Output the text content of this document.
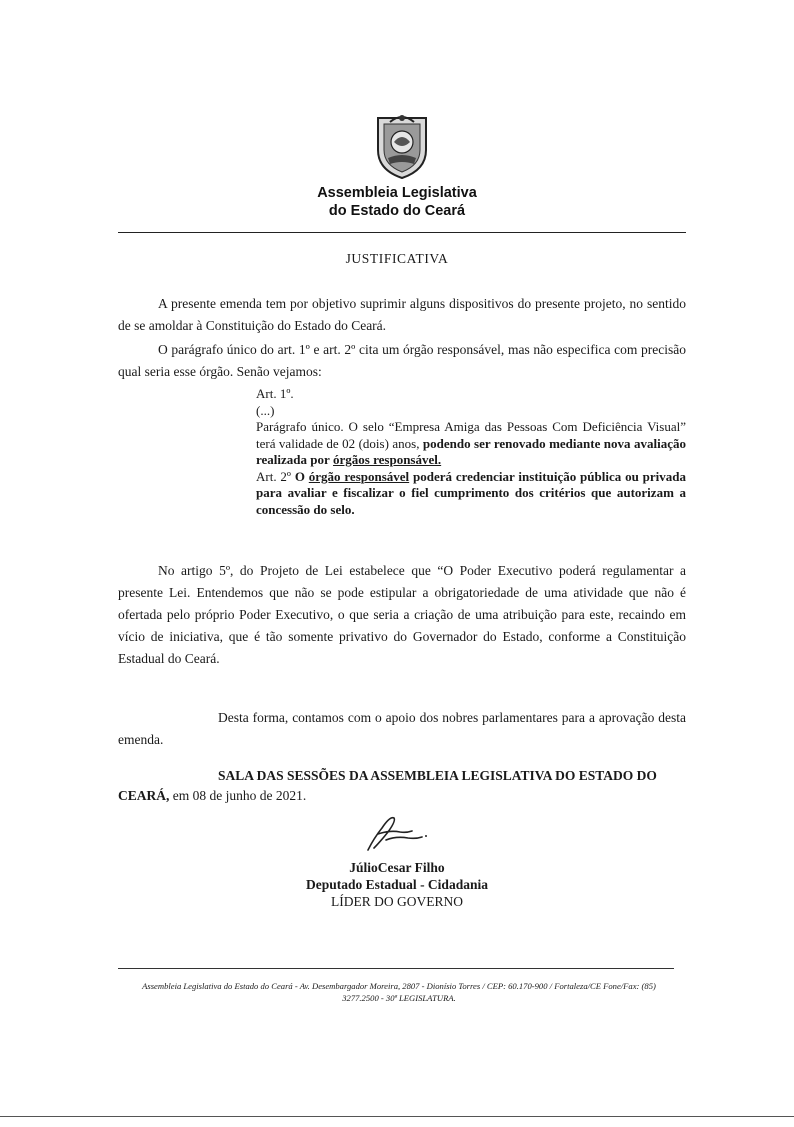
Assembleia Legislativa
do Estado do Ceará
JUSTIFICATIVA

A presente emenda tem por objetivo suprimir alguns dispositivos do presente projeto, no sentido de se amoldar à Constituição do Estado do Ceará.

O parágrafo único do art. 1º e art. 2º cita um órgão responsável, mas não especifica com precisão qual seria esse órgão. Senão vejamos:

Art. 1º.
(...)
Parágrafo único. O selo “Empresa Amiga das Pessoas Com Deficiência Visual” terá validade de 02 (dois) anos, podendo ser renovado mediante nova avaliação realizada por órgãos responsável.
Art. 2º O órgão responsável poderá credenciar instituição pública ou privada para avaliar e fiscalizar o fiel cumprimento dos critérios que autorizam a concessão do selo.

No artigo 5º, do Projeto de Lei estabelece que “O Poder Executivo poderá regulamentar a presente Lei. Entendemos que não se pode estipular a obrigatoriedade de uma atividade que não é ofertada pelo próprio Poder Executivo, o que seria a criação de uma atribuição para este, recaindo em vício de iniciativa, que é tão somente privativo do Governador do Estado, conforme a Constituição Estadual do Ceará.

Desta forma, contamos com o apoio dos nobres parlamentares para a aprovação desta emenda.

SALA DAS SESSÕES DA ASSEMBLEIA LEGISLATIVA DO ESTADO DO CEARÁ, em 08 de junho de 2021.

JúlioCesar Filho
Deputado Estadual - Cidadania
LÍDER DO GOVERNO
Assembleia Legislativa do Estado do Ceará - Av. Desembargador Moreira, 2807 - Dionísio Torres / CEP: 60.170-900 / Fortaleza/CE Fone/Fax: (85)
3277.2500 - 30ª LEGISLATURA.
